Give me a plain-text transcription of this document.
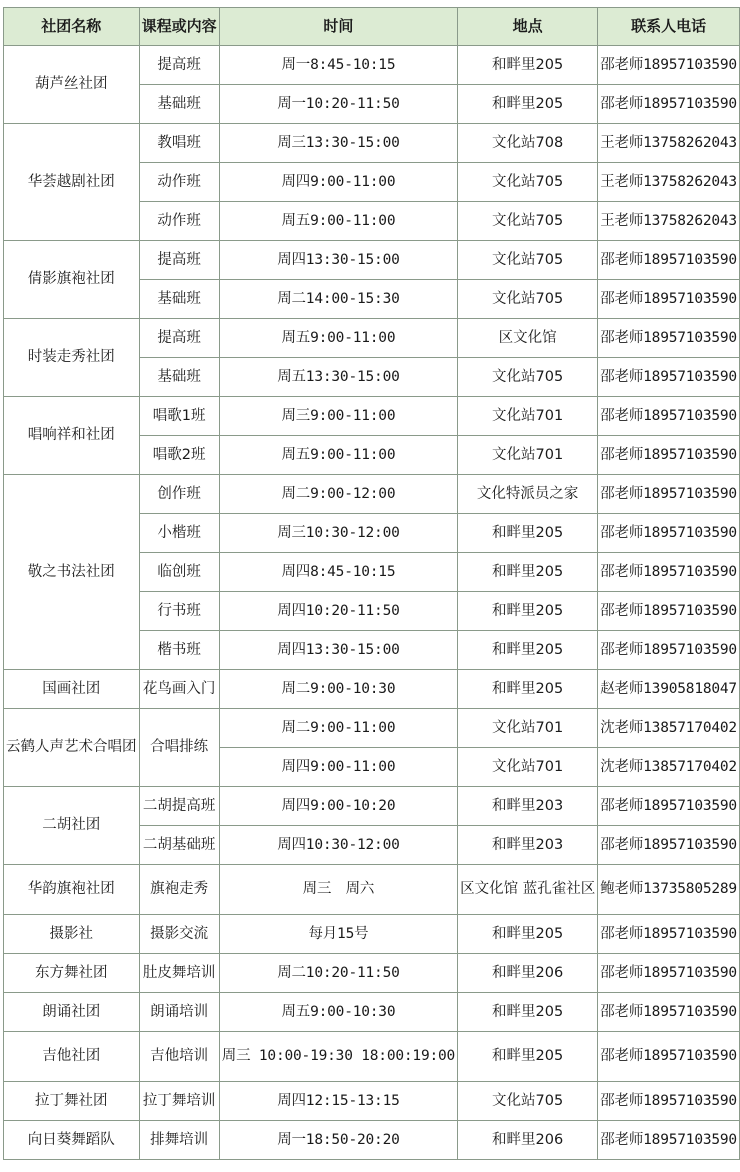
社团名称	课程或内容	时间	地点	联系人电话
葫芦丝社团	提高班	周一8:45-10:15	和畔里205	邵老师18957103590
	基础班	周一10:20-11:50	和畔里205	邵老师18957103590
华荟越剧社团	教唱班	周三13:30-15:00	文化站708	王老师13758262043
	动作班	周四9:00-11:00	文化站705	王老师13758262043
	动作班	周五9:00-11:00	文化站705	王老师13758262043
倩影旗袍社团	提高班	周四13:30-15:00	文化站705	邵老师18957103590
	基础班	周二14:00-15:30	文化站705	邵老师18957103590
时装走秀社团	提高班	周五9:00-11:00	区文化馆	邵老师18957103590
	基础班	周五13:30-15:00	文化站705	邵老师18957103590
唱响祥和社团	唱歌1班	周三9:00-11:00	文化站701	邵老师18957103590
	唱歌2班	周五9:00-11:00	文化站701	邵老师18957103590
敬之书法社团	创作班	周二9:00-12:00	文化特派员之家	邵老师18957103590
	小楷班	周三10:30-12:00	和畔里205	邵老师18957103590
	临创班	周四8:45-10:15	和畔里205	邵老师18957103590
	行书班	周四10:20-11:50	和畔里205	邵老师18957103590
	楷书班	周四13:30-15:00	和畔里205	邵老师18957103590
国画社团	花鸟画入门	周二9:00-10:30	和畔里205	赵老师13905818047
云鹤人声艺术合唱团	合唱排练	周二9:00-11:00	文化站701	沈老师13857170402
		周四9:00-11:00	文化站701	沈老师13857170402
二胡社团	二胡提高班	周四9:00-10:20	和畔里203	邵老师18957103590
	二胡基础班	周四10:30-12:00	和畔里203	邵老师18957103590
华韵旗袍社团	旗袍走秀	周三　周六	区文化馆 蓝孔雀社区	鲍老师13735805289
摄影社	摄影交流	每月15号	和畔里205	邵老师18957103590
东方舞社团	肚皮舞培训	周二10:20-11:50	和畔里206	邵老师18957103590
朗诵社团	朗诵培训	周五9:00-10:30	和畔里205	邵老师18957103590
吉他社团	吉他培训	周三 10:00-19:30 18:00:19:00	和畔里205	邵老师18957103590
拉丁舞社团	拉丁舞培训	周四12:15-13:15	文化站705	邵老师18957103590
向日葵舞蹈队	排舞培训	周一18:50-20:20	和畔里206	邵老师18957103590
